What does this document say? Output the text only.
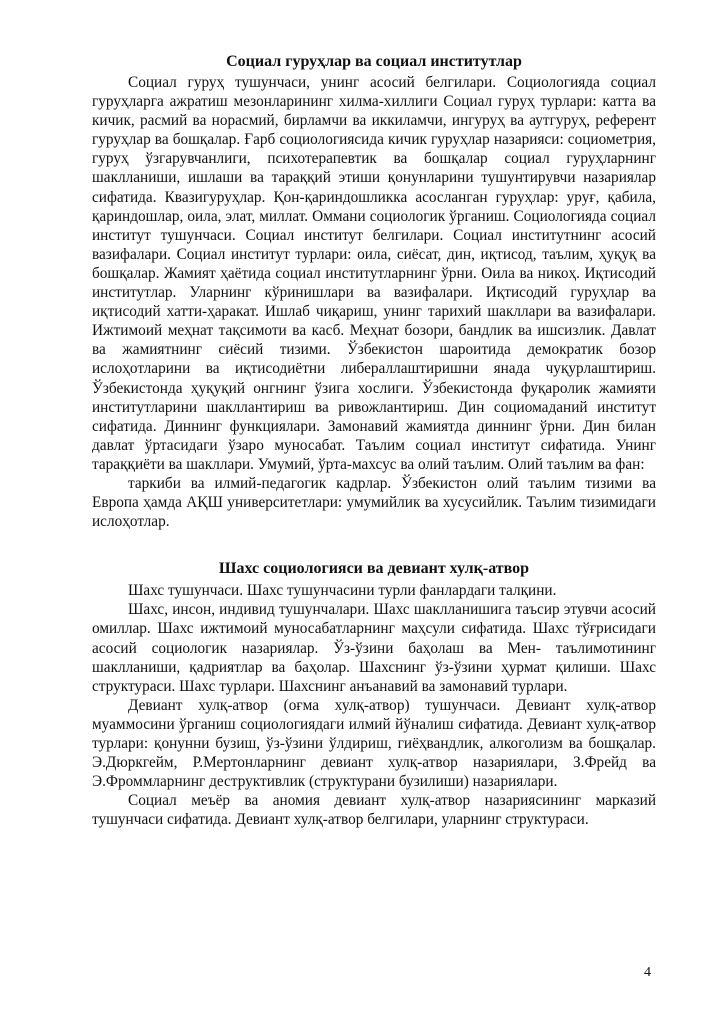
Социал гуруҳлар ва социал институтлар

Социал гуруҳ тушунчаси, унинг асосий белгилари. Социологияда социал гуруҳларга ажратиш мезонларининг хилма-хиллиги Социал гуруҳ турлари: катта ва кичик, расмий ва норасмий, бирламчи ва иккиламчи, ингуруҳ ва аутгуруҳ, референт гуруҳлар ва бошқалар. Ғарб социологиясида кичик гуруҳлар назарияси: социометрия, гуруҳ ўзгарувчанлиги, психотерапевтик ва бошқалар социал гуруҳларнинг шаклланиши, ишлаши ва тараққий этиши қонунларини тушунтирувчи назариялар сифатида. Квазигуруҳлар. Қон-қариндошликка асосланган гуруҳлар: уруғ, қабила, қариндошлар, оила, элат, миллат. Оммани социологик ўрганиш. Социологияда социал институт тушунчаси. Социал институт белгилари. Социал институтнинг асосий вазифалари. Социал институт турлари: оила, сиёсат, дин, иқтисод, таълим, ҳуқуқ ва бошқалар. Жамият ҳаётида социал институтларнинг ўрни. Оила ва никоҳ. Иқтисодий институтлар. Уларнинг кўринишлари ва вазифалари. Иқтисодий гуруҳлар ва иқтисодий хатти-ҳаракат. Ишлаб чиқариш, унинг тарихий шакллари ва вазифалари. Ижтимоий меҳнат тақсимоти ва касб. Меҳнат бозори, бандлик ва ишсизлик. Давлат ва жамиятнинг сиёсий тизими. Ўзбекистон шароитида демократик бозор ислоҳотларини ва иқтисодиётни либераллаштиришни янада чуқурлаштириш. Ўзбекистонда ҳуқуқий онгнинг ўзига хослиги. Ўзбекистонда фуқаролик жамияти институтларини шакллантириш ва ривожлантириш. Дин социомаданий институт сифатида. Диннинг функциялари. Замонавий жамиятда диннинг ўрни. Дин билан давлат ўртасидаги ўзаро муносабат. Таълим социал институт сифатида. Унинг тараққиёти ва шакллари. Умумий, ўрта-махсус ва олий таълим. Олий таълим ва фан:

таркиби ва илмий-педагогик кадрлар. Ўзбекистон олий таълим тизими ва Европа ҳамда АҚШ университетлари: умумийлик ва хусусийлик. Таълим тизимидаги ислоҳотлар.

Шахс социологияси ва девиант хулқ-атвор

Шахс тушунчаси. Шахс тушунчасини турли фанлардаги талқини.

Шахс, инсон, индивид тушунчалари. Шахс шаклланишига таъсир этувчи асосий омиллар. Шахс ижтимоий муносабатларнинг маҳсули сифатида. Шахс тўғрисидаги асосий социологик назариялар. Ўз-ўзини баҳолаш ва Мен- таълимотининг шаклланиши, қадриятлар ва баҳолар. Шахснинг ўз-ўзини ҳурмат қилиши. Шахс структураси. Шахс турлари. Шахснинг анъанавий ва замонавий турлари.

Девиант хулқ-атвор (оғма хулқ-атвор) тушунчаси. Девиант хулқ-атвор муаммосини ўрганиш социологиядаги илмий йўналиш сифатида. Девиант хулқ-атвор турлари: қонунни бузиш, ўз-ўзини ўлдириш, гиёҳвандлик, алкоголизм ва бошқалар. Э.Дюркгейм, Р.Мертонларнинг девиант хулқ-атвор назариялари, З.Фрейд ва Э.Фроммларнинг деструктивлик (структурани бузилиши) назариялари.

Социал меъёр ва аномия девиант хулқ-атвор назариясининг марказий тушунчаси сифатида. Девиант хулқ-атвор белгилари, уларнинг структураси.

4
